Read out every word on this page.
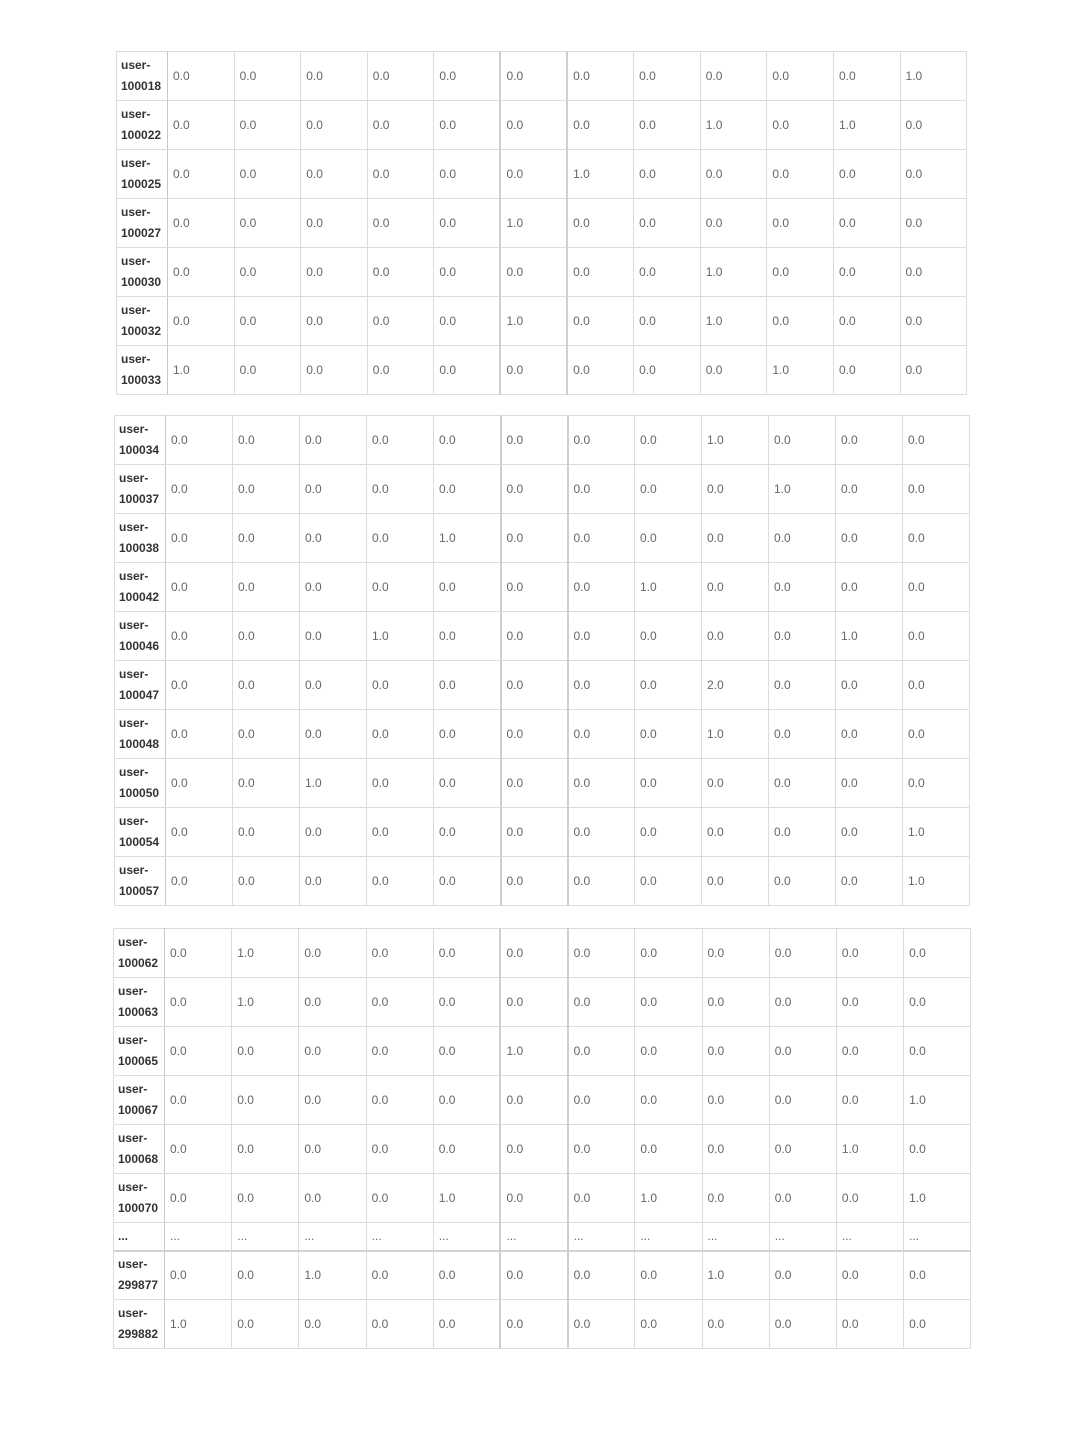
user-
100018	0.0	0.0	0.0	0.0	0.0	0.0	0.0	0.0	0.0	0.0	0.0	1.0
user-
100022	0.0	0.0	0.0	0.0	0.0	0.0	0.0	0.0	1.0	0.0	1.0	0.0
user-
100025	0.0	0.0	0.0	0.0	0.0	0.0	1.0	0.0	0.0	0.0	0.0	0.0
user-
100027	0.0	0.0	0.0	0.0	0.0	1.0	0.0	0.0	0.0	0.0	0.0	0.0
user-
100030	0.0	0.0	0.0	0.0	0.0	0.0	0.0	0.0	1.0	0.0	0.0	0.0
user-
100032	0.0	0.0	0.0	0.0	0.0	1.0	0.0	0.0	1.0	0.0	0.0	0.0
user-
100033	1.0	0.0	0.0	0.0	0.0	0.0	0.0	0.0	0.0	1.0	0.0	0.0
user-
100034	0.0	0.0	0.0	0.0	0.0	0.0	0.0	0.0	1.0	0.0	0.0	0.0
user-
100037	0.0	0.0	0.0	0.0	0.0	0.0	0.0	0.0	0.0	1.0	0.0	0.0
user-
100038	0.0	0.0	0.0	0.0	1.0	0.0	0.0	0.0	0.0	0.0	0.0	0.0
user-
100042	0.0	0.0	0.0	0.0	0.0	0.0	0.0	1.0	0.0	0.0	0.0	0.0
user-
100046	0.0	0.0	0.0	1.0	0.0	0.0	0.0	0.0	0.0	0.0	1.0	0.0
user-
100047	0.0	0.0	0.0	0.0	0.0	0.0	0.0	0.0	2.0	0.0	0.0	0.0
user-
100048	0.0	0.0	0.0	0.0	0.0	0.0	0.0	0.0	1.0	0.0	0.0	0.0
user-
100050	0.0	0.0	1.0	0.0	0.0	0.0	0.0	0.0	0.0	0.0	0.0	0.0
user-
100054	0.0	0.0	0.0	0.0	0.0	0.0	0.0	0.0	0.0	0.0	0.0	1.0
user-
100057	0.0	0.0	0.0	0.0	0.0	0.0	0.0	0.0	0.0	0.0	0.0	1.0
user-
100062	0.0	1.0	0.0	0.0	0.0	0.0	0.0	0.0	0.0	0.0	0.0	0.0
user-
100063	0.0	1.0	0.0	0.0	0.0	0.0	0.0	0.0	0.0	0.0	0.0	0.0
user-
100065	0.0	0.0	0.0	0.0	0.0	1.0	0.0	0.0	0.0	0.0	0.0	0.0
user-
100067	0.0	0.0	0.0	0.0	0.0	0.0	0.0	0.0	0.0	0.0	0.0	1.0
user-
100068	0.0	0.0	0.0	0.0	0.0	0.0	0.0	0.0	0.0	0.0	1.0	0.0
user-
100070	0.0	0.0	0.0	0.0	1.0	0.0	0.0	1.0	0.0	0.0	0.0	1.0
...	...	...	...	...	...	...	...	...	...	...	...	...
user-
299877	0.0	0.0	1.0	0.0	0.0	0.0	0.0	0.0	1.0	0.0	0.0	0.0
user-
299882	1.0	0.0	0.0	0.0	0.0	0.0	0.0	0.0	0.0	0.0	0.0	0.0
